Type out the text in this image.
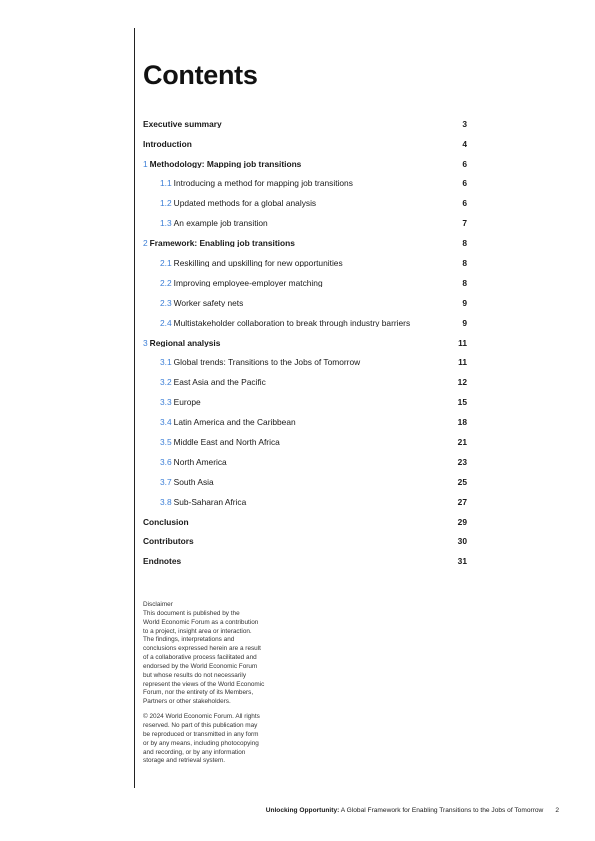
Contents
Executive summary	3
Introduction	4
1 Methodology: Mapping job transitions	6
1.1 Introducing a method for mapping job transitions	6
1.2 Updated methods for a global analysis	6
1.3 An example job transition	7
2 Framework: Enabling job transitions	8
2.1 Reskilling and upskilling for new opportunities	8
2.2 Improving employee-employer matching	8
2.3 Worker safety nets	9
2.4 Multistakeholder collaboration to break through industry barriers	9
3 Regional analysis	11
3.1 Global trends: Transitions to the Jobs of Tomorrow	11
3.2 East Asia and the Pacific	12
3.3 Europe	15
3.4 Latin America and the Caribbean	18
3.5 Middle East and North Africa	21
3.6 North America	23
3.7 South Asia	25
3.8 Sub-Saharan Africa	27
Conclusion	29
Contributors	30
Endnotes	31

Disclaimer

This document is published by the
World Economic Forum as a contribution
to a project, insight area or interaction.
The findings, interpretations and
conclusions expressed herein are a result
of a collaborative process facilitated and
endorsed by the World Economic Forum
but whose results do not necessarily
represent the views of the World Economic
Forum, nor the entirety of its Members,
Partners or other stakeholders.

© 2024 World Economic Forum. All rights
reserved. No part of this publication may
be reproduced or transmitted in any form
or by any means, including photocopying
and recording, or by any information
storage and retrieval system.

Unlocking Opportunity: A Global Framework for Enabling Transitions to the Jobs of Tomorrow 2
